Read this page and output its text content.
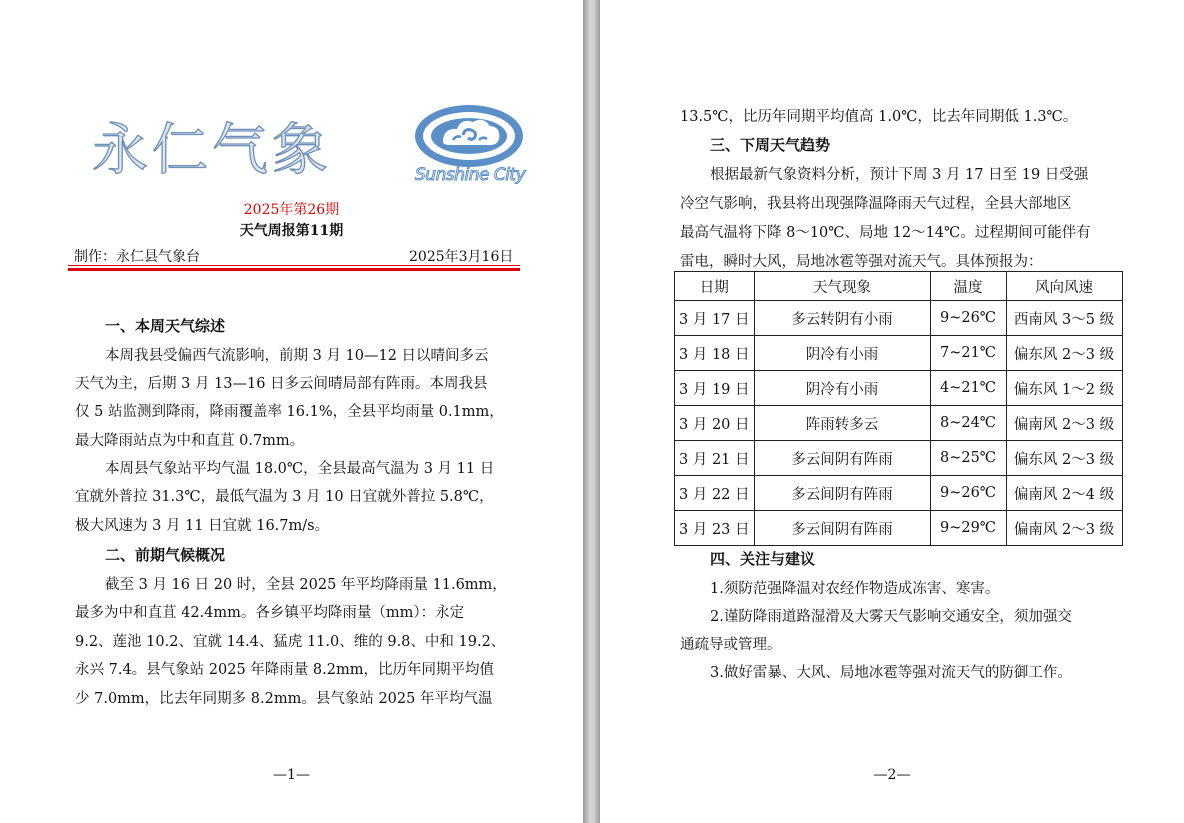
永仁气象	Sunshine City
2025年第26期
天气周报第11期
制作：永仁县气象台	2025年3月16日
一、本周天气综述
本周我县受偏西气流影响，前期 3 月 10—12 日以晴间多云
天气为主，后期 3 月 13—16 日多云间晴局部有阵雨。本周我县
仅 5 站监测到降雨，降雨覆盖率 16.1%，全县平均雨量 0.1mm，
最大降雨站点为中和直苴 0.7mm。
本周县气象站平均气温 18.0℃，全县最高气温为 3 月 11 日
宜就外普拉 31.3℃，最低气温为 3 月 10 日宜就外普拉 5.8℃，
极大风速为 3 月 11 日宜就 16.7m/s。
二、前期气候概况
截至 3 月 16 日 20 时，全县 2025 年平均降雨量 11.6mm，
最多为中和直苴 42.4mm。各乡镇平均降雨量（mm）：永定
9.2、莲池 10.2、宜就 14.4、猛虎 11.0、维的 9.8、中和 19.2、
永兴 7.4。县气象站 2025 年降雨量 8.2mm，比历年同期平均值
少 7.0mm，比去年同期多 8.2mm。县气象站 2025 年平均气温
—1—
13.5℃，比历年同期平均值高 1.0℃，比去年同期低 1.3℃。
三、下周天气趋势
根据最新气象资料分析，预计下周 3 月 17 日至 19 日受强
冷空气影响，我县将出现强降温降雨天气过程，全县大部地区
最高气温将下降 8～10℃、局地 12～14℃。过程期间可能伴有
雷电，瞬时大风，局地冰雹等强对流天气。具体预报为：
四、关注与建议
1.须防范强降温对农经作物造成冻害、寒害。
2.谨防降雨道路湿滑及大雾天气影响交通安全，须加强交
通疏导或管理。
3.做好雷暴、大风、局地冰雹等强对流天气的防御工作。
—2—
日期	天气现象	温度	风向风速
3 月 17 日	多云转阴有小雨	9~26℃	西南风 3～5 级
3 月 18 日	阴冷有小雨	7~21℃	偏东风 2～3 级
3 月 19 日	阴冷有小雨	4~21℃	偏东风 1～2 级
3 月 20 日	阵雨转多云	8~24℃	偏南风 2～3 级
3 月 21 日	多云间阴有阵雨	8~25℃	偏东风 2～3 级
3 月 22 日	多云间阴有阵雨	9~26℃	偏南风 2～4 级
3 月 23 日	多云间阴有阵雨	9~29℃	偏南风 2～3 级
